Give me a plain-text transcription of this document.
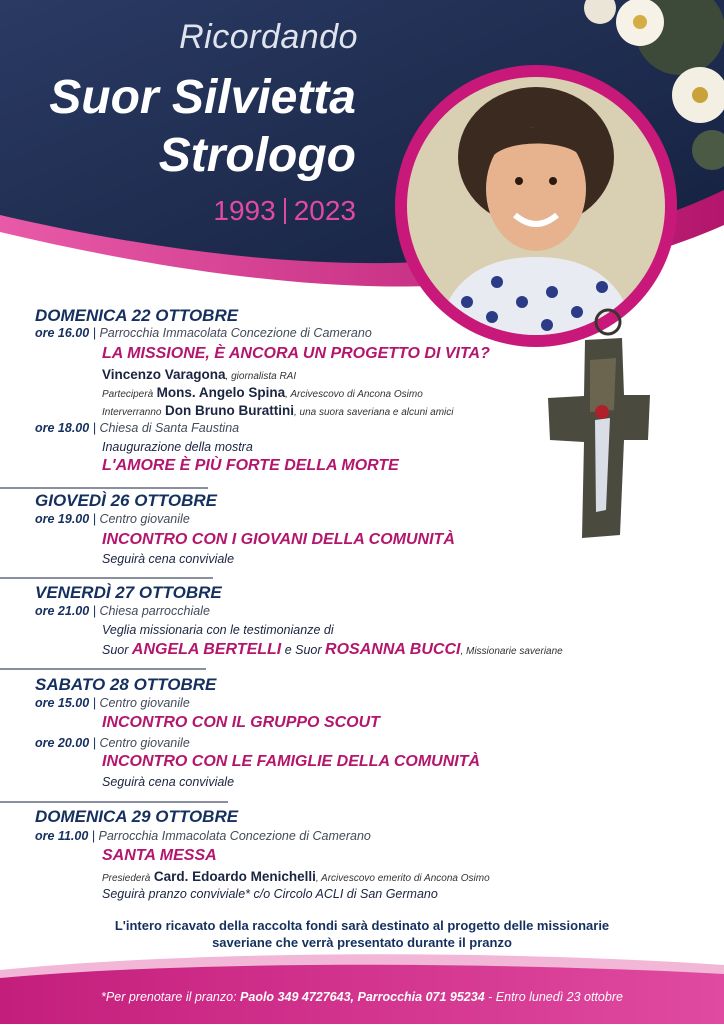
Ricordando
Suor Silvietta
Strologo
1993 2023
DOMENICA 22 OTTOBRE
ore 16.00 | Parrocchia Immacolata Concezione di Camerano
LA MISSIONE, È ANCORA UN PROGETTO DI VITA?
Vincenzo Varagona, giornalista RAI
Parteciperà Mons. Angelo Spina, Arcivescovo di Ancona Osimo
Interverranno Don Bruno Burattini, una suora saveriana e alcuni amici
ore 18.00 | Chiesa di Santa Faustina
Inaugurazione della mostra
L'AMORE È PIÙ FORTE DELLA MORTE
GIOVEDÌ 26 OTTOBRE
ore 19.00 | Centro giovanile
INCONTRO CON I GIOVANI DELLA COMUNITÀ
Seguirà cena conviviale
VENERDÌ 27 OTTOBRE
ore 21.00 | Chiesa parrocchiale
Veglia missionaria con le testimonianze di
Suor ANGELA BERTELLI e Suor ROSANNA BUCCI, Missionarie saveriane
SABATO 28 OTTOBRE
ore 15.00 | Centro giovanile
INCONTRO CON IL GRUPPO SCOUT
ore 20.00 | Centro giovanile
INCONTRO CON LE FAMIGLIE DELLA COMUNITÀ
Seguirà cena conviviale
DOMENICA 29 OTTOBRE
ore 11.00 | Parrocchia Immacolata Concezione di Camerano
SANTA MESSA
Presiederà Card. Edoardo Menichelli, Arcivescovo emerito di Ancona Osimo
Seguirà pranzo conviviale* c/o Circolo ACLI di San Germano
L'intero ricavato della raccolta fondi sarà destinato al progetto delle missionarie
saveriane che verrà presentato durante il pranzo
*Per prenotare il pranzo: Paolo 349 4727643, Parrocchia 071 95234 - Entro lunedì 23 ottobre
